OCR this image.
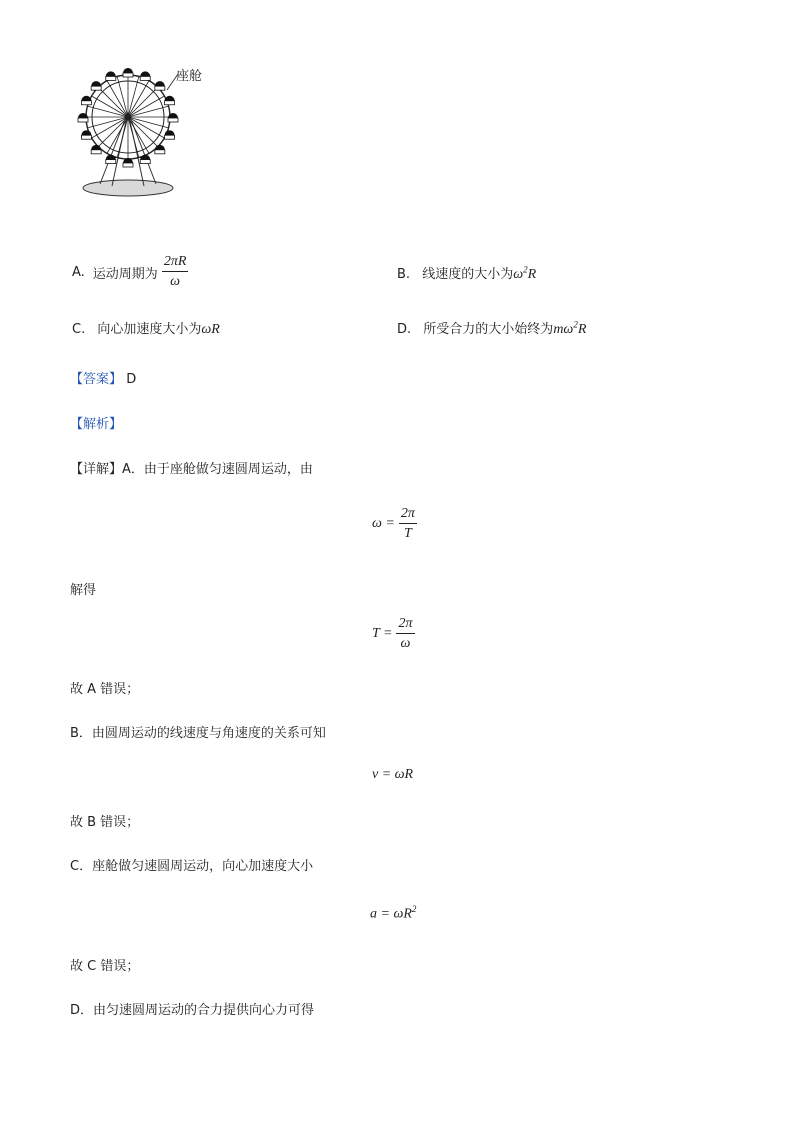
座舱
A. 运动周期为 $\frac{2\pi R}{\omega}$	B. 线速度的大小为$\omega^2R$
C. 向心加速度大小为ωR	D. 所受合力的大小始终为$m\omega^2R$
【答案】 D
【解析】
【详解】A．由于座舱做匀速圆周运动，由
$\omega = \frac{2\pi}{T}$
解得
$T = \frac{2\pi}{\omega}$
故 A 错误；
B．由圆周运动的线速度与角速度的关系可知
v = ωR
故 B 错误；
C．座舱做匀速圆周运动，向心加速度大小
$a = \omega R^2$
故 C 错误；
D．由匀速圆周运动的合力提供向心力可得
